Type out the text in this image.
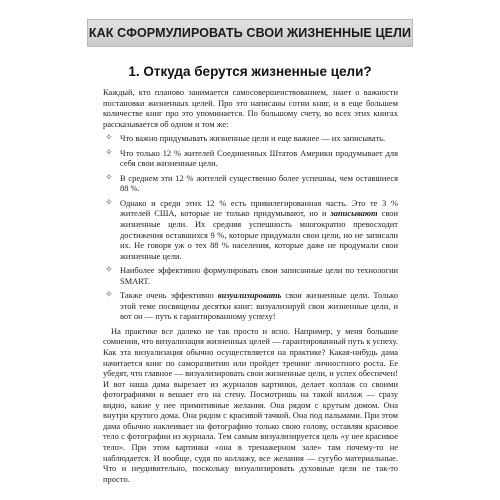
КАК СФОРМУЛИРОВАТЬ СВОИ ЖИЗНЕННЫЕ ЦЕЛИ
1. Откуда берутся жизненные цели?

Каждый, кто планово занимается самосовершенствованием, знает о важности постановки жизненных целей. Про это написаны сотни книг, и в еще большем количестве книг про это упоминается. По большому счету, во всех этих книгах рассказывается об одном и том же:

✧ Что важно придумывать жизненные цели и еще важнее — их записывать.
✧ Что только 12 % жителей Соединенных Штатов Америки продумывает для себя свои жизненные цели.
✧ В среднем эти 12 % жителей существенно более успешны, чем оставшиеся 88 %.
✧ Однако и среди этих 12 % есть привилегированная часть. Это те 3 % жителей США, которые не только придумывают, но и записывают свои жизненные цели. Их средняя успешность многократно превосходит достижения оставшихся 9 %, которые придумали свои цели, но не записали их. Не говоря уж о тех 88 % населения, которые даже не продумали свои жизненные цели.
✧ Наиболее эффективно формулировать свои записанные цели по технологии SMART.
✧ Также очень эффективно визуализировать свои жизненные цели. Только этой теме посвящены десятки книг: визуализируй свои жизненные цели, и вот он — путь к гарантированному успеху!

На практике все далеко не так просто и ясно. Например, у меня большие сомнения, что визуализация жизненных целей — гарантированный путь к успеху. Как эта визуализация обычно осуществляется на практике? Какая-нибудь дама начитается книг по саморазвитию или пройдет тренинг личностного роста. Ее убедят, что главное — визуализировать свои жизненные цели, и успех обеспечен! И вот наша дама вырезает из журналов картинки, делает коллаж со своими фотографиями и вешает его на стену. Посмотришь на такой коллаж — сразу видно, какие у нее примитивные желания. Она рядом с крутым домом. Она внутри крутого дома. Она рядом с красивой тачкой. Она под пальмами. При этом дама обычно наклеивает на фотографию только свою голову, оставляя красивое тело с фотографии из журнала. Тем самым визуализируется цель «у нее красивое тело». При этом картинки «она в тренажерном зале» там почему-то не наблюдается. И вообще, судя по коллажу, все желания — сугубо материальные. Что и неудивительно, поскольку визуализировать духовные цели не так-то просто.
